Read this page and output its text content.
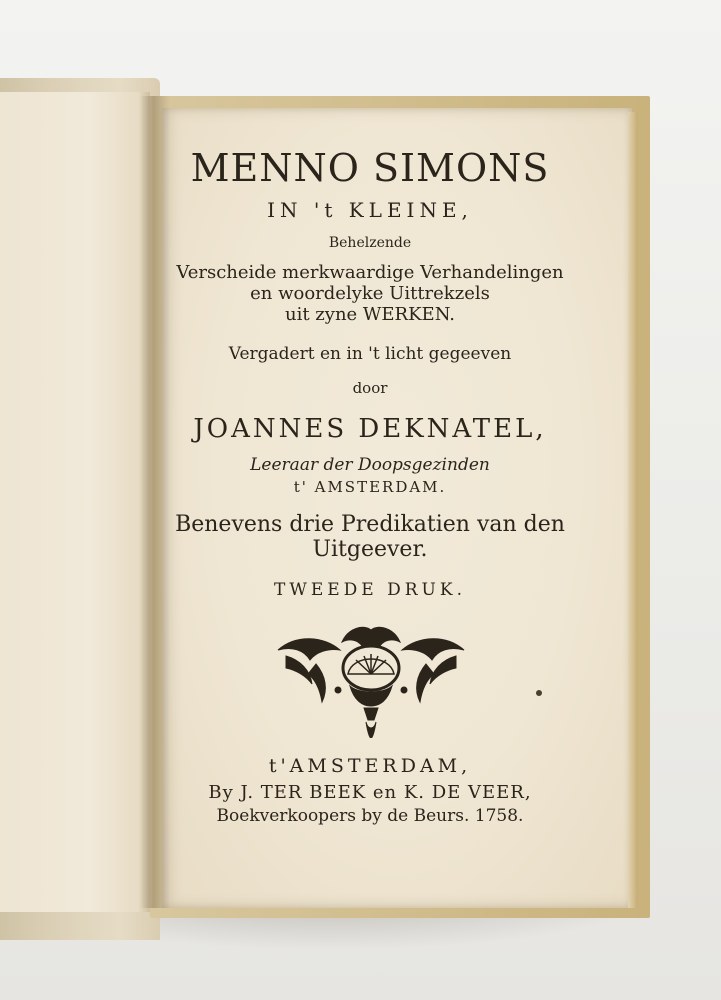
MENNO SIMONS
IN 't KLEINE,
Behelzende
Verscheide merkwaardige Verhandelingen
en woordelyke Uittrekzels
uit zyne WERKEN.
Vergadert en in 't licht gegeeven
door
JOANNES DEKNATEL,
Leeraar der Doopsgezinden
t' AMSTERDAM.
Benevens drie Predikatien van den
Uitgeever.
TWEEDE DRUK.
t'AMSTERDAM,
By J. TER BEEK en K. DE VEER,
Boekverkoopers by de Beurs. 1758.
